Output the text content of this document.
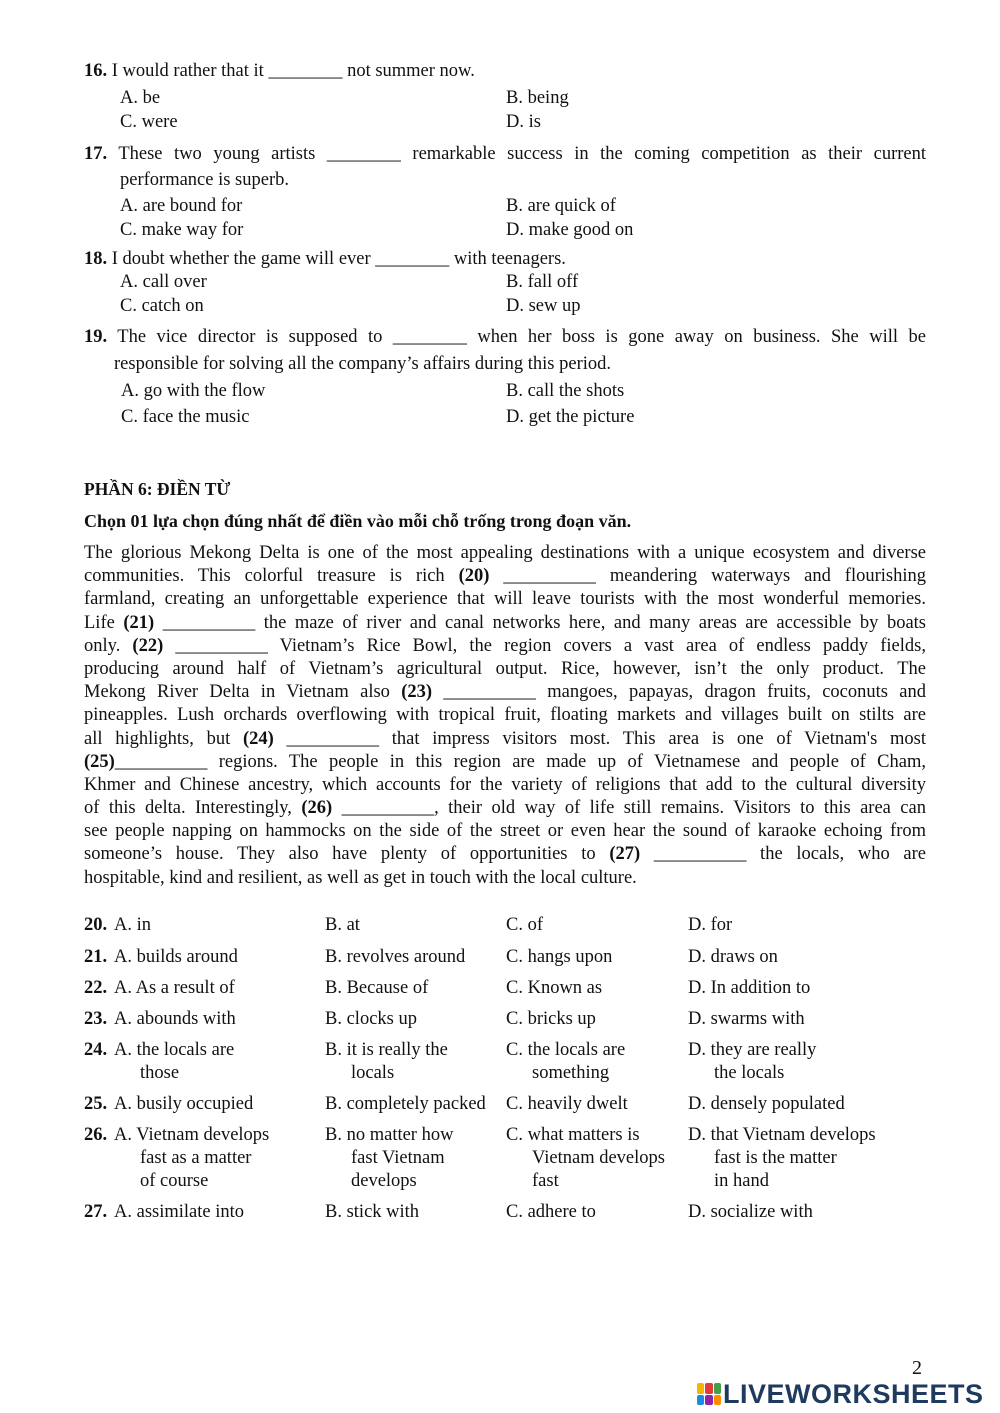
16. I would rather that it ________ not summer now.
A. be	B. being
C. were	D. is
17. These two young artists ________ remarkable success in the coming competition as their current
performance is superb.
A. are bound for	B. are quick of
C. make way for	D. make good on
18. I doubt whether the game will ever ________ with teenagers.
A. call over	B. fall off
C. catch on	D. sew up
19. The vice director is supposed to ________ when her boss is gone away on business. She will be
responsible for solving all the company’s affairs during this period.
A. go with the flow	B. call the shots
C. face the music	D. get the picture
PHẦN 6: ĐIỀN TỪ
Chọn 01 lựa chọn đúng nhất để điền vào mỗi chỗ trống trong đoạn văn.
The glorious Mekong Delta is one of the most appealing destinations with a unique ecosystem and diverse
communities. This colorful treasure is rich (20) __________ meandering waterways and flourishing
farmland, creating an unforgettable experience that will leave tourists with the most wonderful memories.
Life (21) __________ the maze of river and canal networks here, and many areas are accessible by boats
only. (22) __________ Vietnam’s Rice Bowl, the region covers a vast area of endless paddy fields,
producing around half of Vietnam’s agricultural output. Rice, however, isn’t the only product. The
Mekong River Delta in Vietnam also (23) __________ mangoes, papayas, dragon fruits, coconuts and
pineapples. Lush orchards overflowing with tropical fruit, floating markets and villages built on stilts are
all highlights, but (24) __________ that impress visitors most. This area is one of Vietnam's most
(25)__________ regions. The people in this region are made up of Vietnamese and people of Cham,
Khmer and Chinese ancestry, which accounts for the variety of religions that add to the cultural diversity
of this delta. Interestingly, (26) __________, their old way of life still remains. Visitors to this area can
see people napping on hammocks on the side of the street or even hear the sound of karaoke echoing from
someone’s house. They also have plenty of opportunities to (27) __________ the locals, who are
hospitable, kind and resilient, as well as get in touch with the local culture.
20. A. in	B. at	C. of	D. for
21. A. builds around	B. revolves around C. hangs upon	D. draws on
22. A. As a result of	B. Because of	C. Known as	D. In addition to
23. A. abounds with	B. clocks up	C. bricks up	D. swarms with
24. A. the locals are
those
B. it is really the
locals
C. the locals are
something
D. they are really
the locals
25. A. busily occupied	B. completely packed C. heavily dwelt	D. densely populated
26. A. Vietnam develops
fast as a matter
of course
B. no matter how
fast Vietnam
develops
C. what matters is
Vietnam develops
fast
D. that Vietnam develops
fast is the matter
in hand
27. A. assimilate into	B. stick with	C. adhere to	D. socialize with
2
LIVEWORKSHEETS
